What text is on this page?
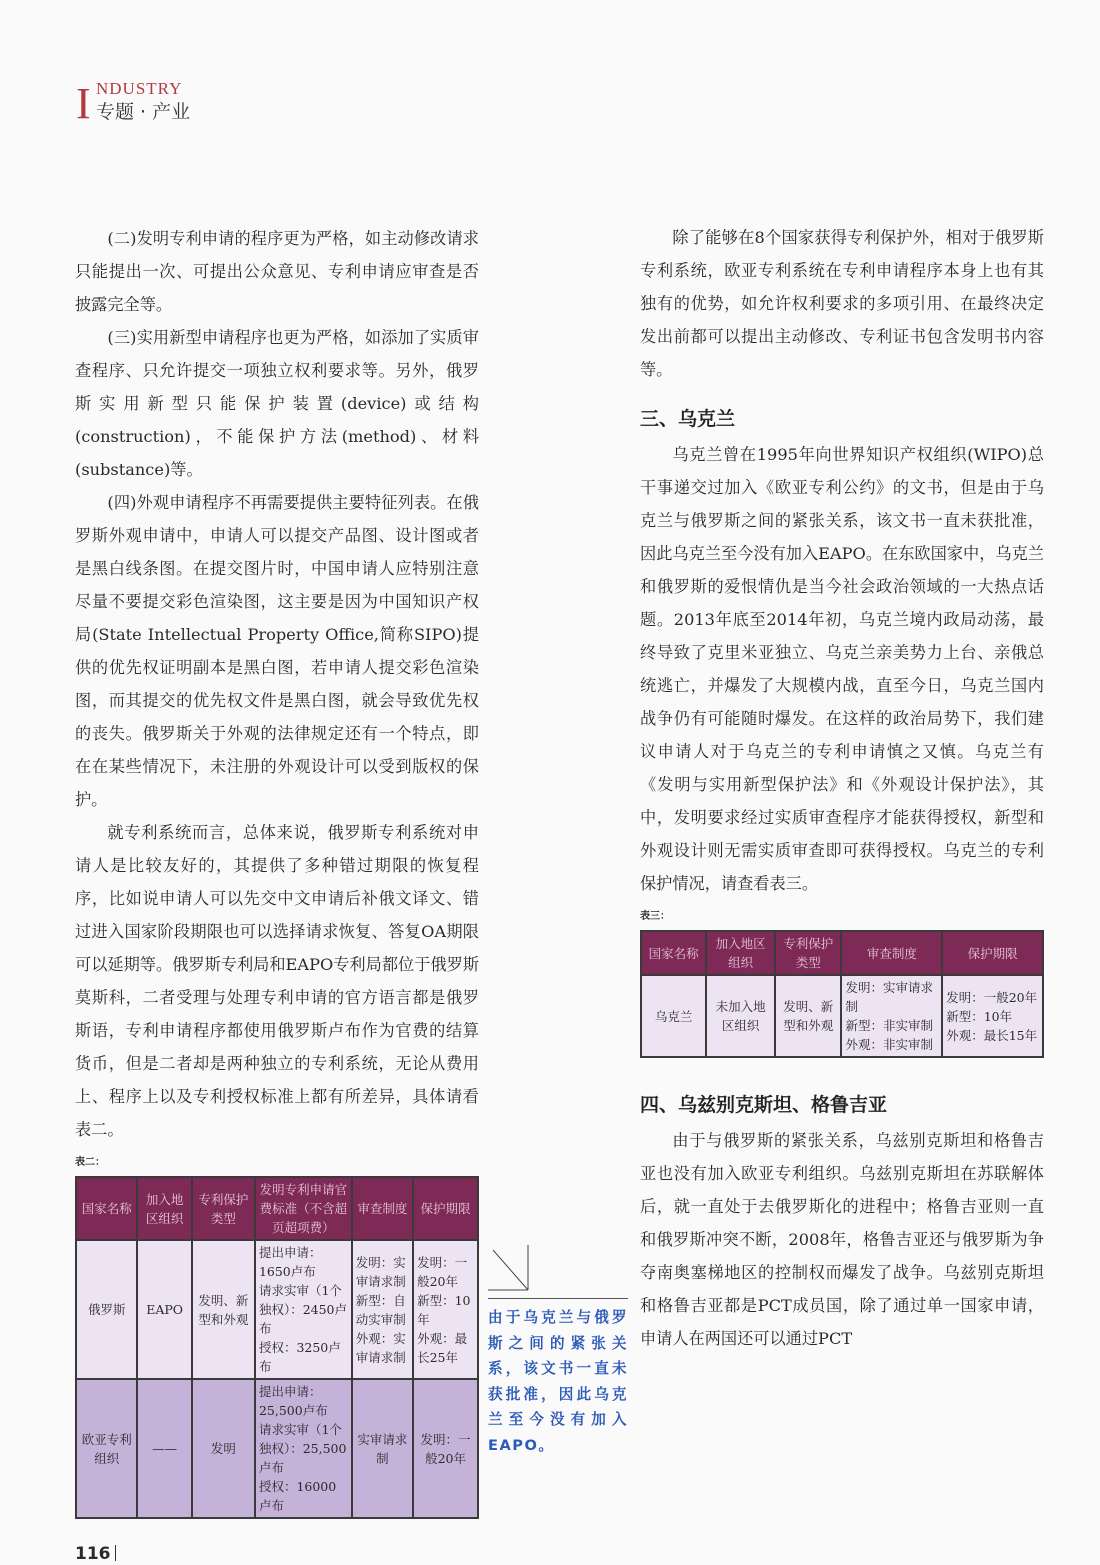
I NDUSTRY
专题 · 产业

(二)发明专利申请的程序更为严格，如主动修改请求只能提出一次、可提出公众意见、专利申请应审查是否披露完全等。

(三)实用新型申请程序也更为严格，如添加了实质审查程序、只允许提交一项独立权利要求等。另外，俄罗斯实用新型只能保护装置(device)或结构(construction)，不能保护方法(method)、材料(substance)等。

(四)外观申请程序不再需要提供主要特征列表。在俄罗斯外观申请中，申请人可以提交产品图、设计图或者是黑白线条图。在提交图片时，中国申请人应特别注意尽量不要提交彩色渲染图，这主要是因为中国知识产权局(State Intellectual Property Office,简称SIPO)提供的优先权证明副本是黑白图，若申请人提交彩色渲染图，而其提交的优先权文件是黑白图，就会导致优先权的丧失。俄罗斯关于外观的法律规定还有一个特点，即在在某些情况下，未注册的外观设计可以受到版权的保护。

就专利系统而言，总体来说，俄罗斯专利系统对申请人是比较友好的，其提供了多种错过期限的恢复程序，比如说申请人可以先交中文申请后补俄文译文、错过进入国家阶段期限也可以选择请求恢复、答复OA期限可以延期等。俄罗斯专利局和EAPO专利局都位于俄罗斯莫斯科，二者受理与处理专利申请的官方语言都是俄罗斯语，专利申请程序都使用俄罗斯卢布作为官费的结算货币，但是二者却是两种独立的专利系统，无论从费用上、程序上以及专利授权标准上都有所差异，具体请看表二。

表二：
国家名称	加入地区组织	专利保护类型	发明专利申请官费标准（不含超页超项费）	审查制度	保护期限
俄罗斯	EAPO	发明、新型和外观	提出申请：1650卢布
请求实审（1个独权）：2450卢布
授权：3250卢布	发明：实审请求制
新型：自动实审制
外观：实审请求制	发明：一般20年
新型：10年
外观：最长25年
欧亚专利组织	——	发明	提出申请：25,500卢布
请求实审（1个独权）：25,500卢布
授权：16000卢布	实审请求制	发明：一般20年
116
由于乌克兰与俄罗斯之间的紧张关系，该文书一直未获批准，因此乌克兰至今没有加入EAPO。

除了能够在8个国家获得专利保护外，相对于俄罗斯专利系统，欧亚专利系统在专利申请程序本身上也有其独有的优势，如允许权利要求的多项引用、在最终决定发出前都可以提出主动修改、专利证书包含发明书内容等。

三、乌克兰

乌克兰曾在1995年向世界知识产权组织(WIPO)总干事递交过加入《欧亚专利公约》的文书，但是由于乌克兰与俄罗斯之间的紧张关系，该文书一直未获批准，因此乌克兰至今没有加入EAPO。在东欧国家中，乌克兰和俄罗斯的爱恨情仇是当今社会政治领域的一大热点话题。2013年底至2014年初，乌克兰境内政局动荡，最终导致了克里米亚独立、乌克兰亲美势力上台、亲俄总统逃亡，并爆发了大规模内战，直至今日，乌克兰国内战争仍有可能随时爆发。在这样的政治局势下，我们建议申请人对于乌克兰的专利申请慎之又慎。乌克兰有《发明与实用新型保护法》和《外观设计保护法》，其中，发明要求经过实质审查程序才能获得授权，新型和外观设计则无需实质审查即可获得授权。乌克兰的专利保护情况，请查看表三。

表三：
国家名称	加入地区组织	专利保护类型	审查制度	保护期限
乌克兰	未加入地区组织	发明、新型和外观	发明：实审请求制
新型：非实审制
外观：非实审制	发明：一般20年
新型：10年
外观：最长15年
四、乌兹别克斯坦、格鲁吉亚

由于与俄罗斯的紧张关系，乌兹别克斯坦和格鲁吉亚也没有加入欧亚专利组织。乌兹别克斯坦在苏联解体后，就一直处于去俄罗斯化的进程中；格鲁吉亚则一直和俄罗斯冲突不断，2008年，格鲁吉亚还与俄罗斯为争夺南奥塞梯地区的控制权而爆发了战争。乌兹别克斯坦和格鲁吉亚都是PCT成员国，除了通过单一国家申请，申请人在两国还可以通过PCT
